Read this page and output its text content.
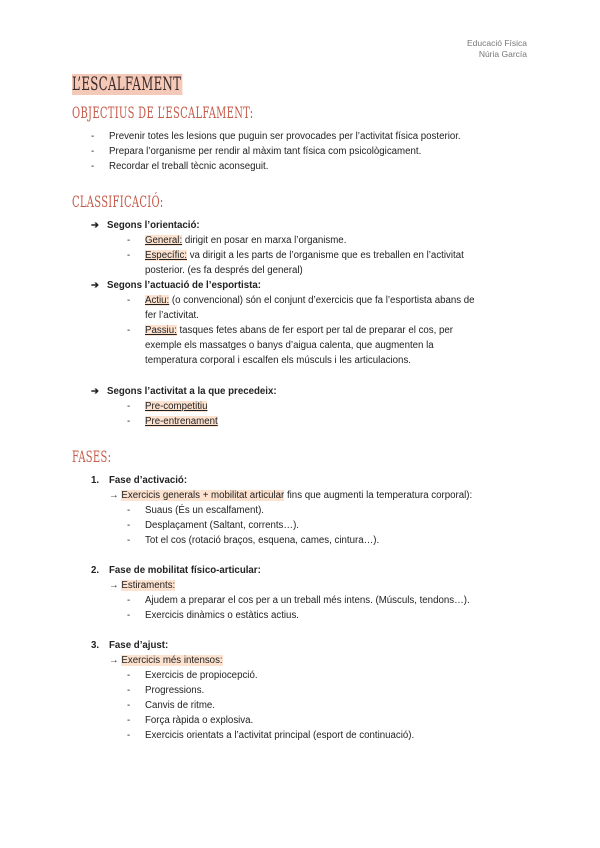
Educació Física
Núria García
L’ESCALFAMENT
OBJECTIUS DE L’ESCALFAMENT:
- Prevenir totes les lesions que puguin ser provocades per l’activitat física posterior.
- Prepara l’organisme per rendir al màxim tant física com psicològicament.
- Recordar el treball tècnic aconseguit.
CLASSIFICACIÓ:
➔ Segons l’orientació:
- General: dirigit en posar en marxa l’organisme.
- Específic: va dirigit a les parts de l’organisme que es treballen en l’activitat
posterior. (es fa després del general)
➔ Segons l’actuació de l’esportista:
- Actiu: (o convencional) són el conjunt d’exercicis que fa l’esportista abans de
fer l’activitat.
- Passiu: tasques fetes abans de fer esport per tal de preparar el cos, per
exemple els massatges o banys d’aigua calenta, que augmenten la
temperatura corporal i escalfen els músculs i les articulacions.
➔ Segons l’activitat a la que precedeix:
- Pre-competitiu
- Pre-entrenament
FASES:
1. Fase d’activació:
→ Exercicis generals + mobilitat articular fins que augmenti la temperatura corporal):
- Suaus (És un escalfament).
- Desplaçament (Saltant, corrents…).
- Tot el cos (rotació braços, esquena, cames, cintura…).
2. Fase de mobilitat físico-articular:
→ Estiraments:
- Ajudem a preparar el cos per a un treball més intens. (Músculs, tendons…).
- Exercicis dinàmics o estàtics actius.
3. Fase d’ajust:
→ Exercicis més intensos:
- Exercicis de propiocepció.
- Progressions.
- Canvis de ritme.
- Força ràpida o explosiva.
- Exercicis orientats a l’activitat principal (esport de continuació).
